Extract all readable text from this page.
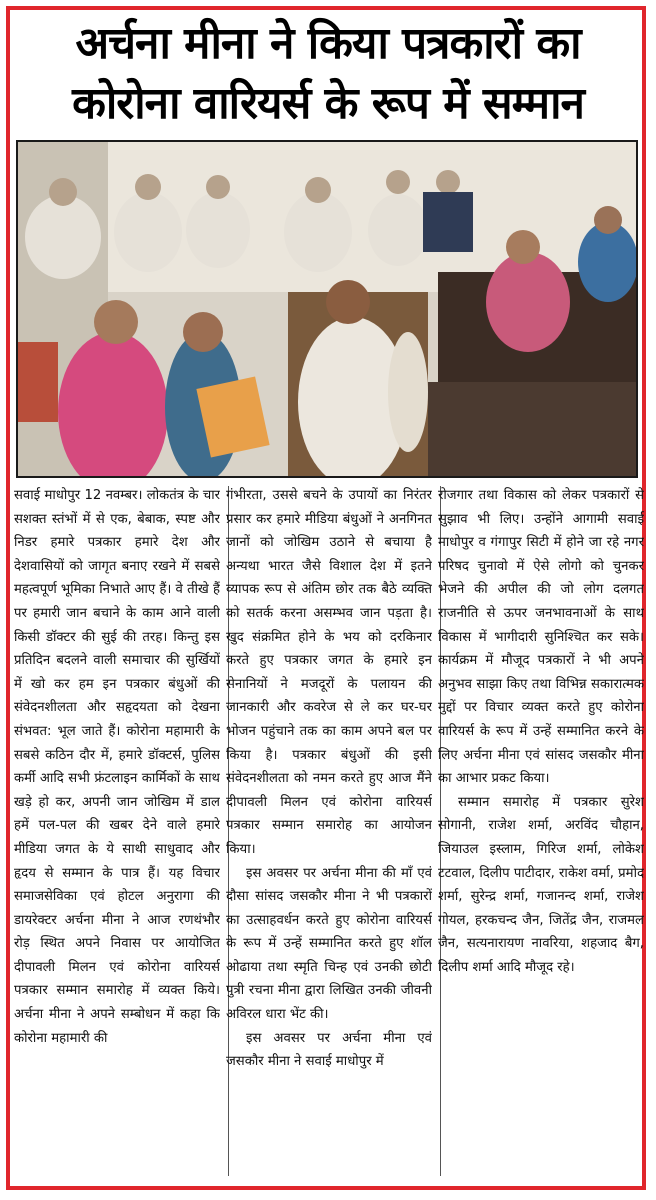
अर्चना मीना ने किया पत्रकारों का
कोरोना वारियर्स के रूप में सम्मान

सवाई माधोपुर 12 नवम्बर। लोकतंत्र के चार सशक्त स्तंभों में से एक, बेबाक, स्पष्ट और निडर हमारे पत्रकार हमारे देश और देशवासियों को जागृत बनाए रखने में सबसे महत्वपूर्ण भूमिका निभाते आए हैं। वे तीखे हैं पर हमारी जान बचाने के काम आने वाली किसी डॉक्टर की सुई की तरह। किन्तु इस प्रतिदिन बदलने वाली समाचार की सुर्खियों में खो कर हम इन पत्रकार बंधुओं की संवेदनशीलता और सहृदयता को देखना संभवत: भूल जाते हैं। कोरोना महामारी के सबसे कठिन दौर में, हमारे डॉक्टर्स, पुलिस कर्मी आदि सभी फ्रंटलाइन कार्मिकों के साथ खड़े हो कर, अपनी जान जोखिम में डाल हमें पल-पल की खबर देने वाले हमारे मीडिया जगत के ये साथी साधुवाद और हृदय से सम्मान के पात्र हैं। यह विचार समाजसेविका एवं होटल अनुरागा की डायरेक्टर अर्चना मीना ने आज रणथंभौर रोड़ स्थित अपने निवास पर आयोजित दीपावली मिलन एवं कोरोना वारियर्स पत्रकार सम्मान समारोह में व्यक्त किये। अर्चना मीना ने अपने सम्बोधन में कहा कि कोरोना महामारी की

गंभीरता, उससे बचने के उपायों का निरंतर प्रसार कर हमारे मीडिया बंधुओं ने अनगिनत जानों को जोखिम उठाने से बचाया है अन्यथा भारत जैसे विशाल देश में इतने व्यापक रूप से अंतिम छोर तक बैठे व्यक्ति को सतर्क करना असम्भव जान पड़ता है। खुद संक्रमित होने के भय को दरकिनार करते हुए पत्रकार जगत के हमारे इन सेनानियों ने मजदूरों के पलायन की जानकारी और कवरेज से ले कर घर-घर भोजन पहुंचाने तक का काम अपने बल पर किया है। पत्रकार बंधुओं की इसी संवेदनशीलता को नमन करते हुए आज मैंने दीपावली मिलन एवं कोरोना वारियर्स पत्रकार सम्मान समारोह का आयोजन किया।

इस अवसर पर अर्चना मीना की माँ एवं दौसा सांसद जसकौर मीना ने भी पत्रकारों का उत्साहवर्धन करते हुए कोरोना वारियर्स के रूप में उन्हें सम्मानित करते हुए शॉल ओढाया तथा स्मृति चिन्ह एवं उनकी छोटी पुत्री रचना मीना द्वारा लिखित उनकी जीवनी अविरल धारा भेंट की।

इस अवसर पर अर्चना मीना एवं जसकौर मीना ने सवाई माधोपुर में

रोजगार तथा विकास को लेकर पत्रकारों से सुझाव भी लिए। उन्होंने आगामी सवाई माधोपुर व गंगापुर सिटी में होने जा रहे नगर परिषद चुनावो में ऐसे लोगो को चुनकर भेजने की अपील की जो लोग दलगत राजनीति से ऊपर जनभावनाओं के साथ विकास में भागीदारी सुनिश्चित कर सके। कार्यक्रम में मौजूद पत्रकारों ने भी अपने अनुभव साझा किए तथा विभिन्न सकारात्मक मुद्दों पर विचार व्यक्त करते हुए कोरोना वारियर्स के रूप में उन्हें सम्मानित करने के लिए अर्चना मीना एवं सांसद जसकौर मीना का आभार प्रकट किया।

सम्मान समारोह में पत्रकार सुरेश सोगानी, राजेश शर्मा, अरविंद चौहान, जियाउल इस्लाम, गिरिज शर्मा, लोकेश टटवाल, दिलीप पाटीदार, राकेश वर्मा, प्रमोद शर्मा, सुरेन्द्र शर्मा, गजानन्द शर्मा, राजेश गोयल, हरकचन्द जैन, जितेंद्र जैन, राजमल जैन, सत्यनारायण नावरिया, शहजाद बैग, दिलीप शर्मा आदि मौजूद रहे।
